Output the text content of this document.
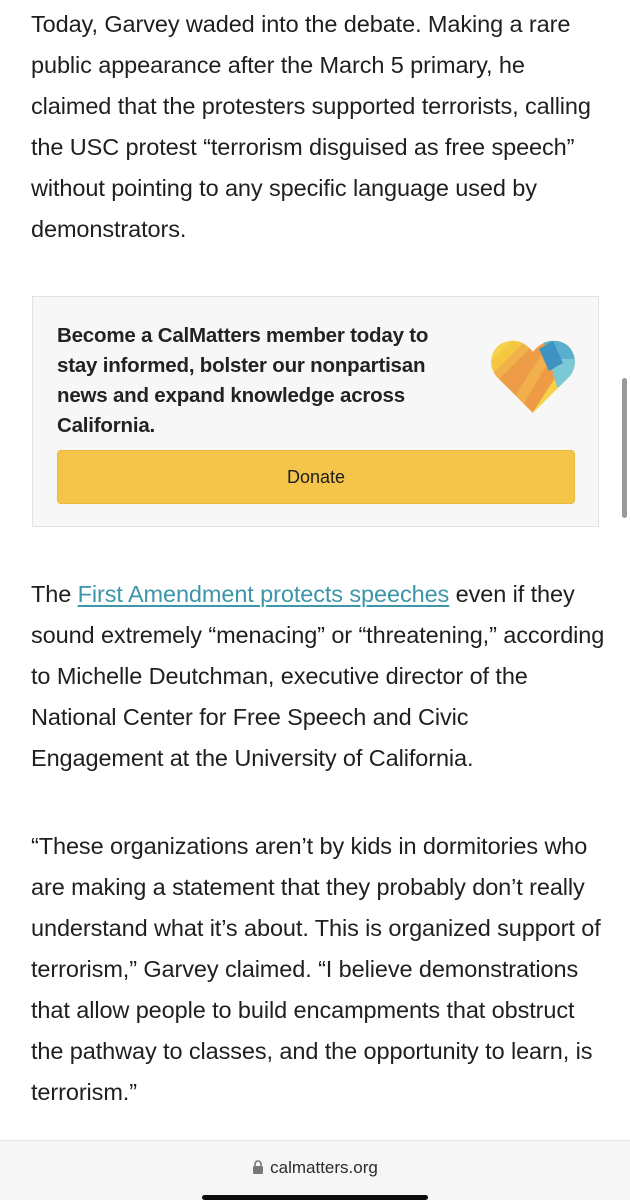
Today, Garvey waded into the debate. Making a rare public appearance after the March 5 primary, he claimed that the protesters supported terrorists, calling the USC protest “terrorism disguised as free speech” without pointing to any specific language used by demonstrators.

The First Amendment protects speeches even if they sound extremely “menacing” or “threatening,” according to Michelle Deutchman, executive director of the National Center for Free Speech and Civic Engagement at the University of California.

“These organizations aren’t by kids in dormitories who are making a statement that they probably don’t really understand what it’s about. This is organized support of terrorism,” Garvey claimed. “I believe demonstrations that allow people to build encampments that obstruct the pathway to classes, and the opportunity to learn, is terrorism.”

Become a CalMatters member today to stay informed, bolster our nonpartisan news and expand knowledge across California.
Donate
calmatters.org
